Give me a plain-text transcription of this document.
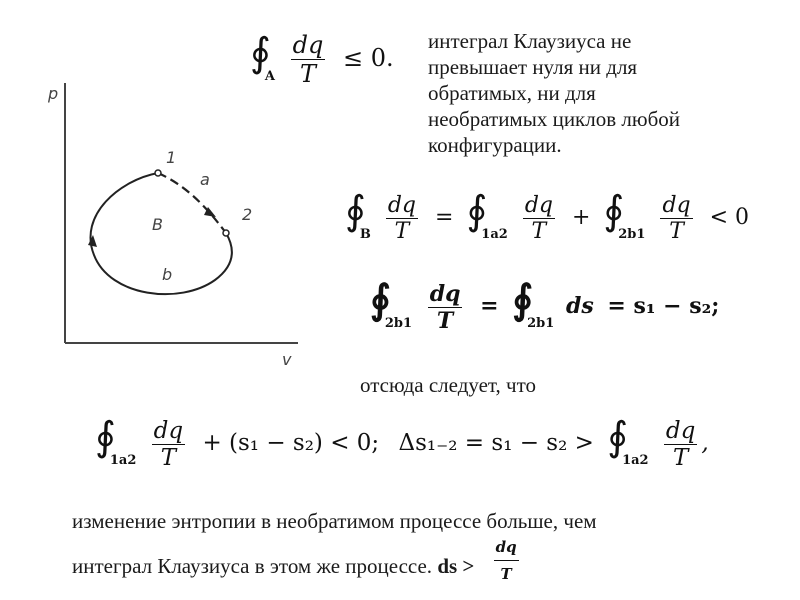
p
v
1
2
a
B
b
$∮_A \frac{dq}{T} \le 0$.
интеграл Клаузиуса не
превышает нуля ни для
обратимых, ни для
необратимых циклов любой
конфигурации.
$∮_B \frac{dq}{T}$ = $∮_{1a2} \frac{dq}{T}$ + $∮_{2b1} \frac{dq}{T} < 0$
$∮_{2b1} \frac{dq}{T}$ = $∮_{2b1}$ ds = s₁ − s₂;
отсюда следует, что
$∮_{1a2} \frac{dq}{T} + (s_1 - s_2) < 0$; $\Delta s_{1-2} = s_1 - s_2 > ∮_{1a2} \frac{dq}{T}$ ,
изменение энтропии в необратимом процессе больше, чем
интеграл Клаузиуса в этом же процессе. ds > $\frac{dq}{T}$
